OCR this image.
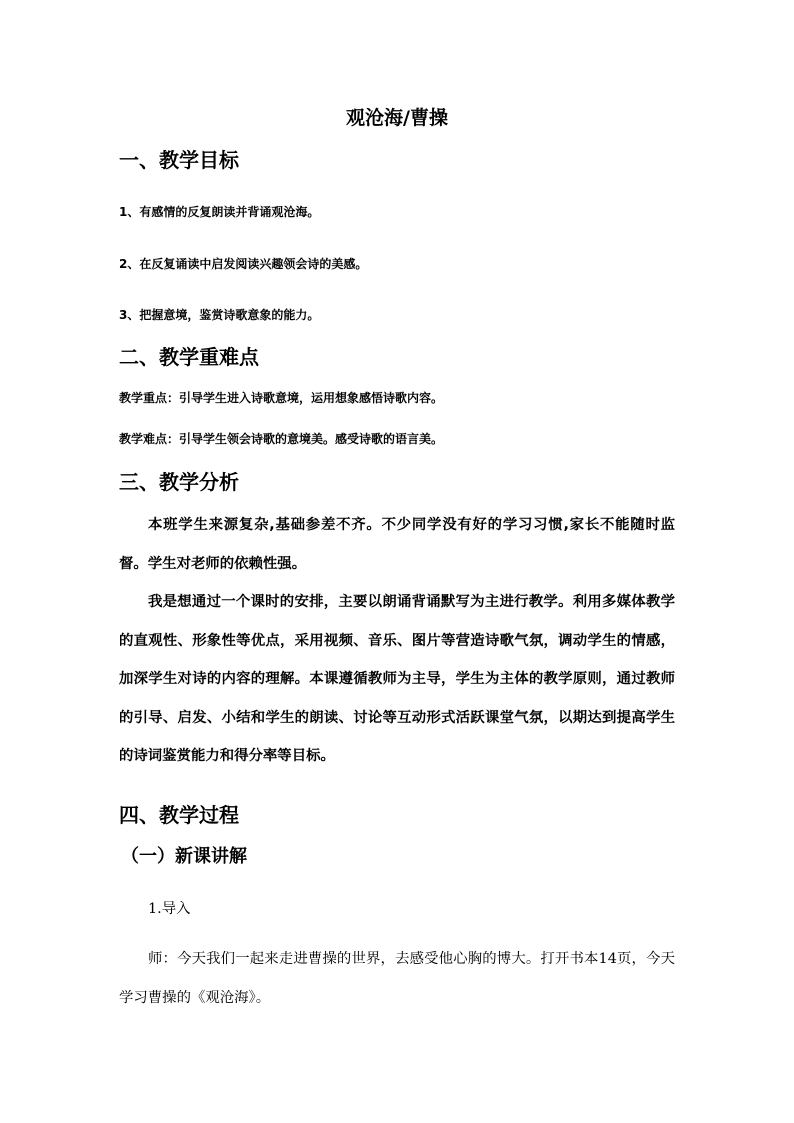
观沧海/曹操
一、教学目标

1、有感情的反复朗读并背诵观沧海。

2、在反复诵读中启发阅读兴趣领会诗的美感。

3、把握意境，鉴赏诗歌意象的能力。

二、教学重难点

教学重点：引导学生进入诗歌意境，运用想象感悟诗歌内容。

教学难点：引导学生领会诗歌的意境美。感受诗歌的语言美。

三、教学分析

本班学生来源复杂,基础参差不齐。不少同学没有好的学习习惯,家长不能随时监督。学生对老师的依赖性强。

我是想通过一个课时的安排，主要以朗诵背诵默写为主进行教学。利用多媒体教学的直观性、形象性等优点，采用视频、音乐、图片等营造诗歌气氛，调动学生的情感，加深学生对诗的内容的理解。本课遵循教师为主导，学生为主体的教学原则，通过教师的引导、启发、小结和学生的朗读、讨论等互动形式活跃课堂气氛，以期达到提高学生的诗词鉴赏能力和得分率等目标。

四、教学过程
（一）新课讲解

1.导入

师：今天我们一起来走进曹操的世界，去感受他心胸的博大。打开书本14页，今天学习曹操的《观沧海》。
